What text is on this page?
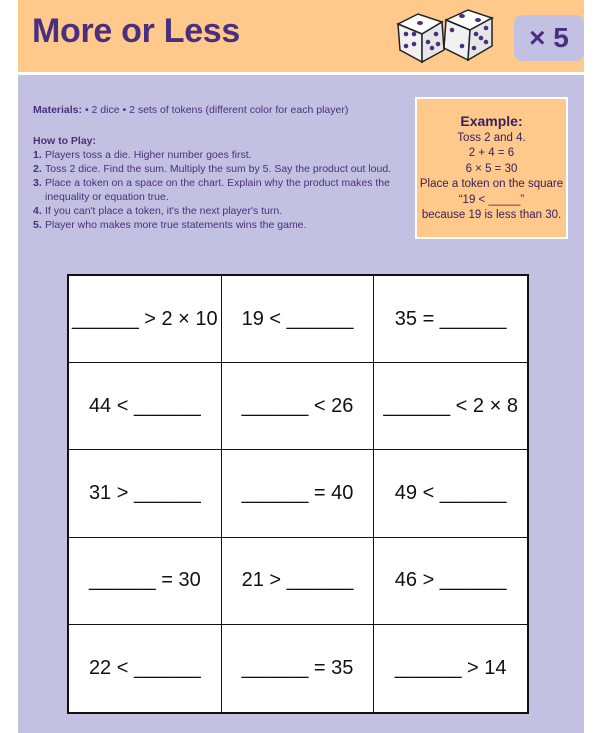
More or Less	× 5
Materials: • 2 dice • 2 sets of tokens (different color for each player)
How to Play:
1. Players toss a die. Higher number goes first.
2. Toss 2 dice. Find the sum. Multiply the sum by 5. Say the product out loud.
3. Place a token on a space on the chart. Explain why the product makes the inequality or equation true.
4. If you can't place a token, it's the next player's turn.
5. Player who makes more true statements wins the game.
Example:
Toss 2 and 4.
2 + 4 = 6
6 × 5 = 30
Place a token on the square
“19 < _____”
because 19 is less than 30.
______ > 2 × 10	19 < ______	35 = ______
44 < ______	______ < 26	______ < 2 × 8
31 > ______	______ = 40	49 < ______
______ = 30	21 > ______	46 > ______
22 < ______	______ = 35	______ > 14
